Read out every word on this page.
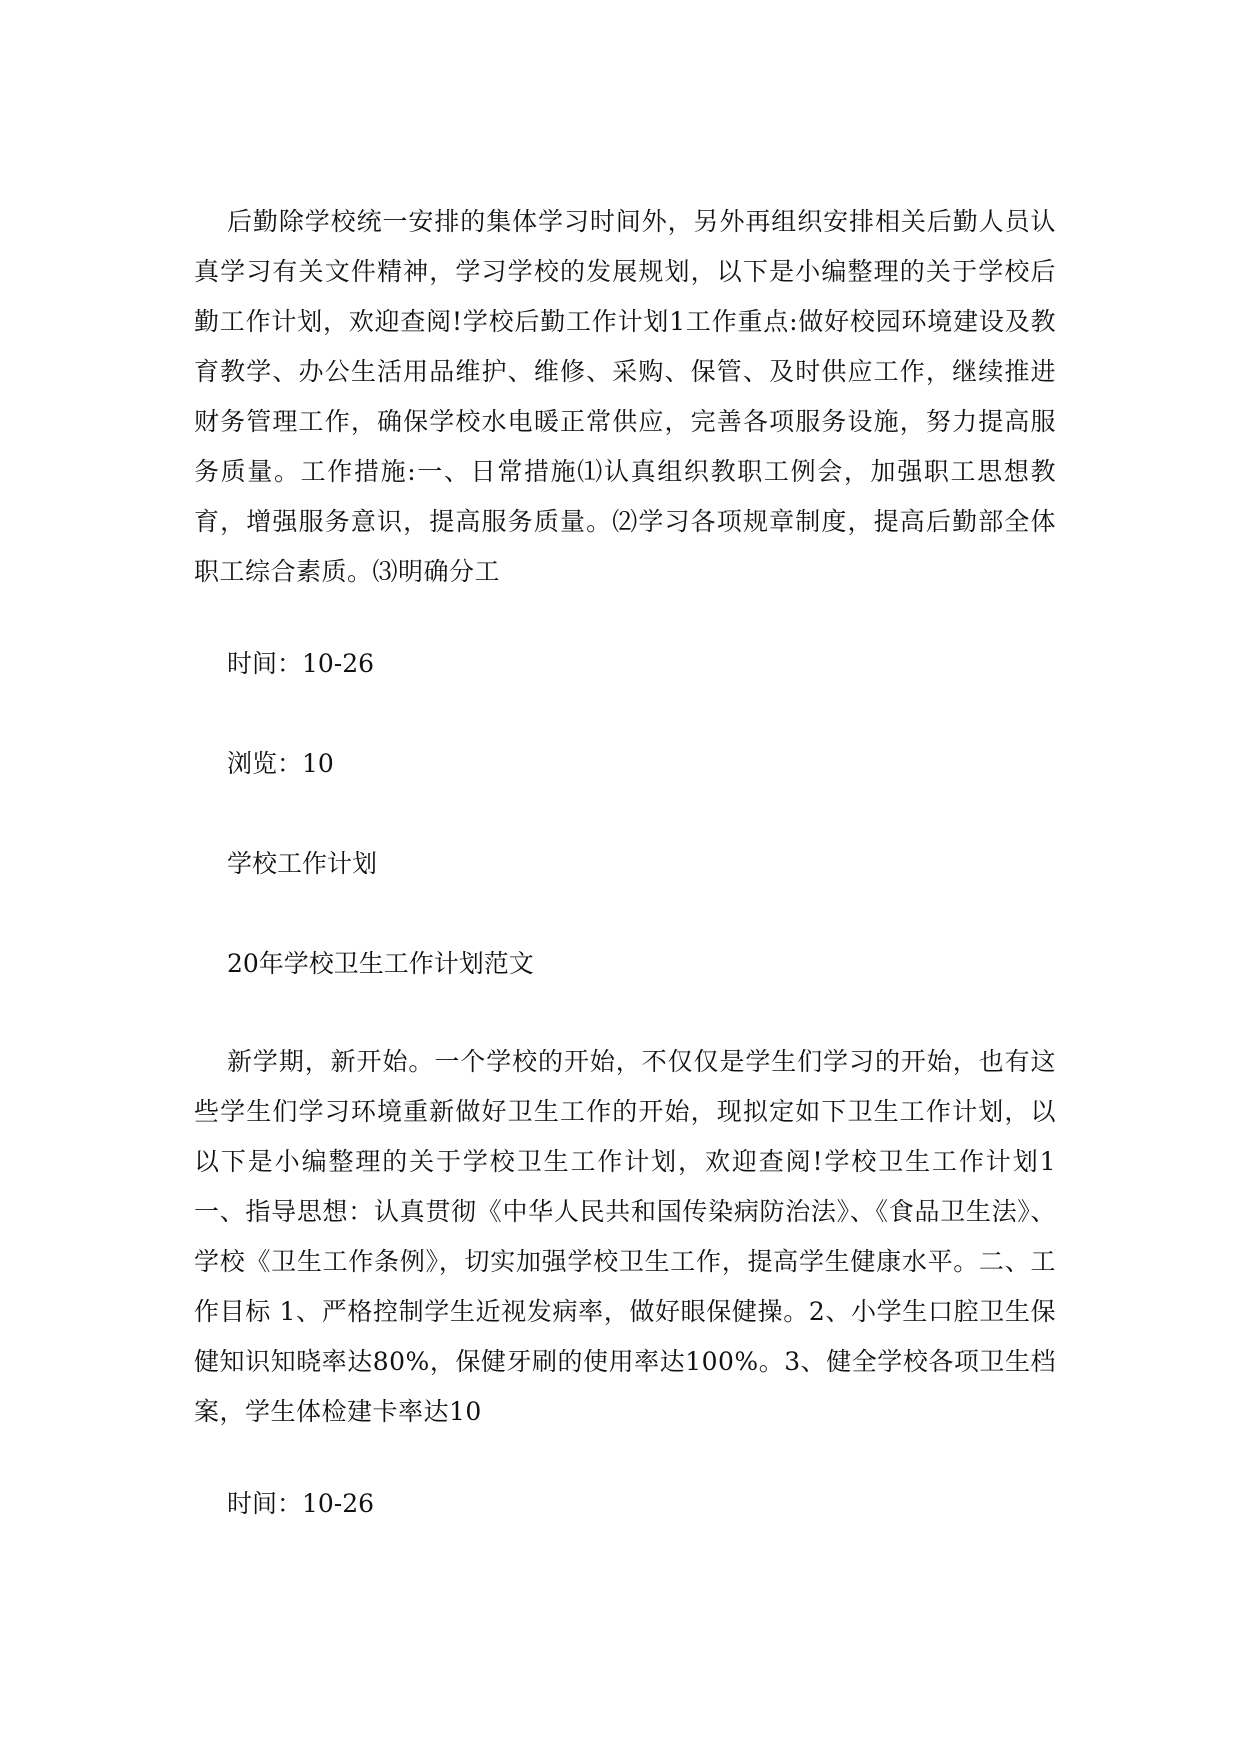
后勤除学校统一安排的集体学习时间外，另外再组织安排相关后勤人员认真学习有关文件精神，学习学校的发展规划，以下是小编整理的关于学校后勤工作计划，欢迎查阅!学校后勤工作计划1工作重点:做好校园环境建设及教育教学、办公生活用品维护、维修、采购、保管、及时供应工作，继续推进财务管理工作，确保学校水电暖正常供应，完善各项服务设施，努力提高服务质量。工作措施:一、日常措施⑴认真组织教职工例会，加强职工思想教育，增强服务意识，提高服务质量。⑵学习各项规章制度，提高后勤部全体职工综合素质。⑶明确分工

时间：10-26

浏览：10

学校工作计划

20年学校卫生工作计划范文

新学期，新开始。一个学校的开始，不仅仅是学生们学习的开始，也有这些学生们学习环境重新做好卫生工作的开始，现拟定如下卫生工作计划，以以下是小编整理的关于学校卫生工作计划，欢迎查阅!学校卫生工作计划1一、指导思想：认真贯彻《中华人民共和国传染病防治法》、《食品卫生法》、学校《卫生工作条例》，切实加强学校卫生工作，提高学生健康水平。二、工作目标 1、严格控制学生近视发病率，做好眼保健操。2、小学生口腔卫生保健知识知晓率达80%，保健牙刷的使用率达100%。3、健全学校各项卫生档案，学生体检建卡率达10

时间：10-26
